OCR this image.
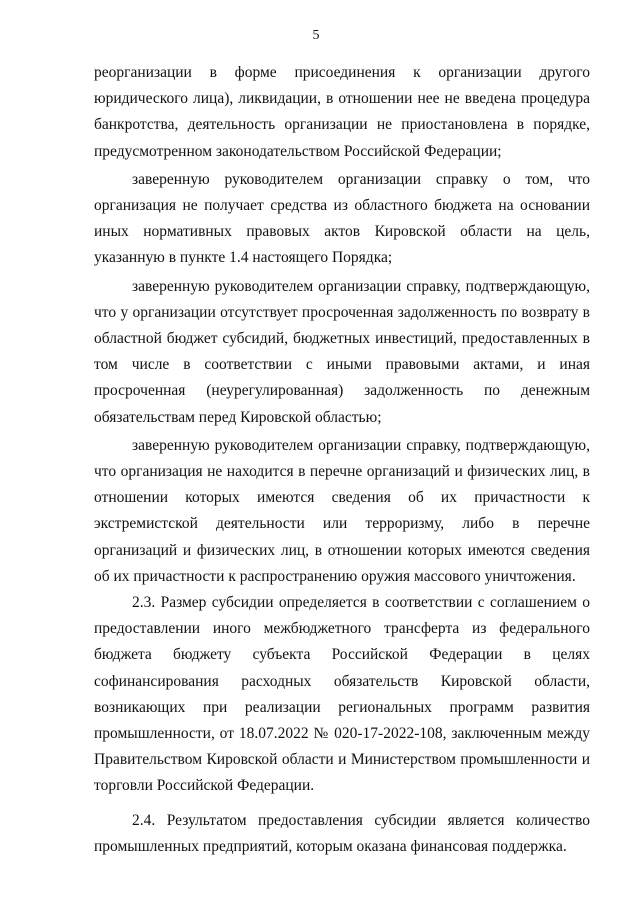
5

реорганизации в форме присоединения к организации другого юридического лица), ликвидации, в отношении нее не введена процедура банкротства, деятельность организации не приостановлена в порядке, предусмотренном законодательством Российской Федерации;

заверенную руководителем организации справку о том, что организация не получает средства из областного бюджета на основании иных нормативных правовых актов Кировской области на цель, указанную в пункте 1.4 настоящего Порядка;

заверенную руководителем организации справку, подтверждающую, что у организации отсутствует просроченная задолженность по возврату в областной бюджет субсидий, бюджетных инвестиций, предоставленных в том числе в соответствии с иными правовыми актами, и иная просроченная (неурегулированная) задолженность по денежным обязательствам перед Кировской областью;

заверенную руководителем организации справку, подтверждающую, что организация не находится в перечне организаций и физических лиц, в отношении которых имеются сведения об их причастности к экстремистской деятельности или терроризму, либо в перечне организаций и физических лиц, в отношении которых имеются сведения об их причастности к распространению оружия массового уничтожения.

2.3. Размер субсидии определяется в соответствии с соглашением о предоставлении иного межбюджетного трансферта из федерального бюджета бюджету субъекта Российской Федерации в целях софинансирования расходных обязательств Кировской области, возникающих при реализации региональных программ развития промышленности, от 18.07.2022 № 020-17-2022-108, заключенным между Правительством Кировской области и Министерством промышленности и торговли Российской Федерации.

2.4. Результатом предоставления субсидии является количество промышленных предприятий, которым оказана финансовая поддержка.
